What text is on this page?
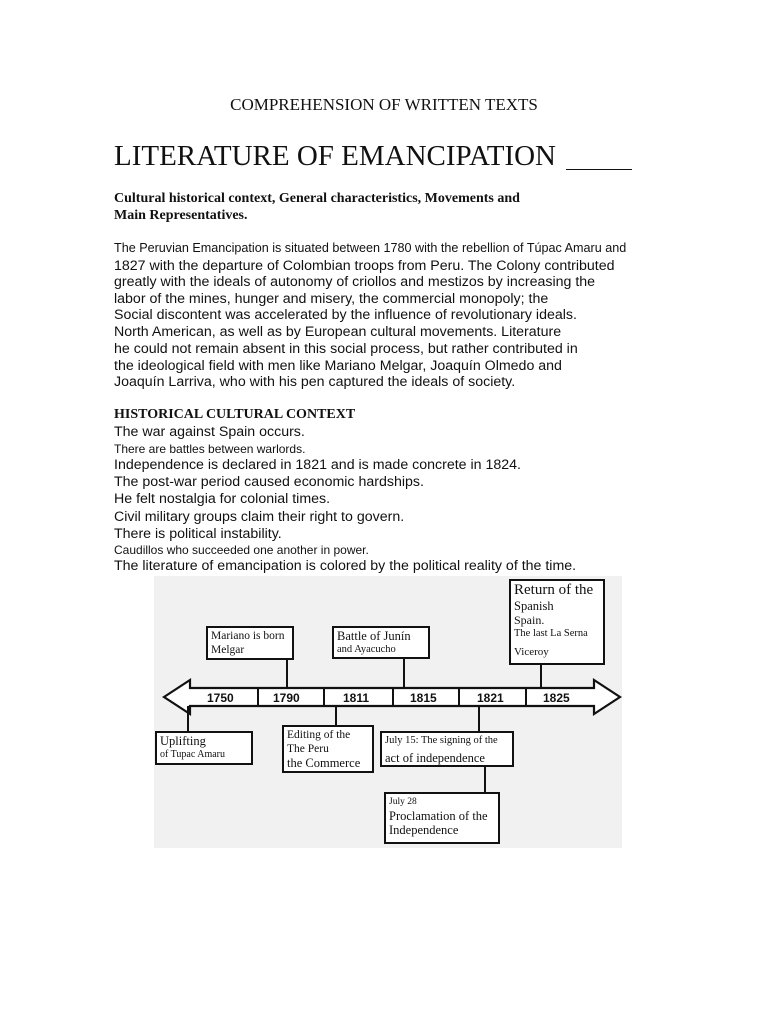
COMPREHENSION OF WRITTEN TEXTS
LITERATURE OF EMANCIPATION
Cultural historical context, General characteristics, Movements and
Main Representatives.
The Peruvian Emancipation is situated between 1780 with the rebellion of Túpac Amaru and
1827 with the departure of Colombian troops from Peru. The Colony contributed
greatly with the ideals of autonomy of criollos and mestizos by increasing the
labor of the mines, hunger and misery, the commercial monopoly; the
Social discontent was accelerated by the influence of revolutionary ideals.
North American, as well as by European cultural movements. Literature
he could not remain absent in this social process, but rather contributed in
the ideological field with men like Mariano Melgar, Joaquín Olmedo and
Joaquín Larriva, who with his pen captured the ideals of society.
HISTORICAL CULTURAL CONTEXT
The war against Spain occurs.
There are battles between warlords.
Independence is declared in 1821 and is made concrete in 1824.
The post-war period caused economic hardships.
He felt nostalgia for colonial times.
Civil military groups claim their right to govern.
There is political instability.
Caudillos who succeeded one another in power.
The literature of emancipation is colored by the political reality of the time.
1750	1790	1811	1815	1821	1825
Mariano is born
Melgar
Battle of Junín
and Ayacucho
Return of the
Spanish
Spain.
The last La Serna
Viceroy
Uplifting
of Tupac Amaru
Editing of the
The Peru
the Commerce
July 15: The signing of the
act of independence
July 28
Proclamation of the
Independence
